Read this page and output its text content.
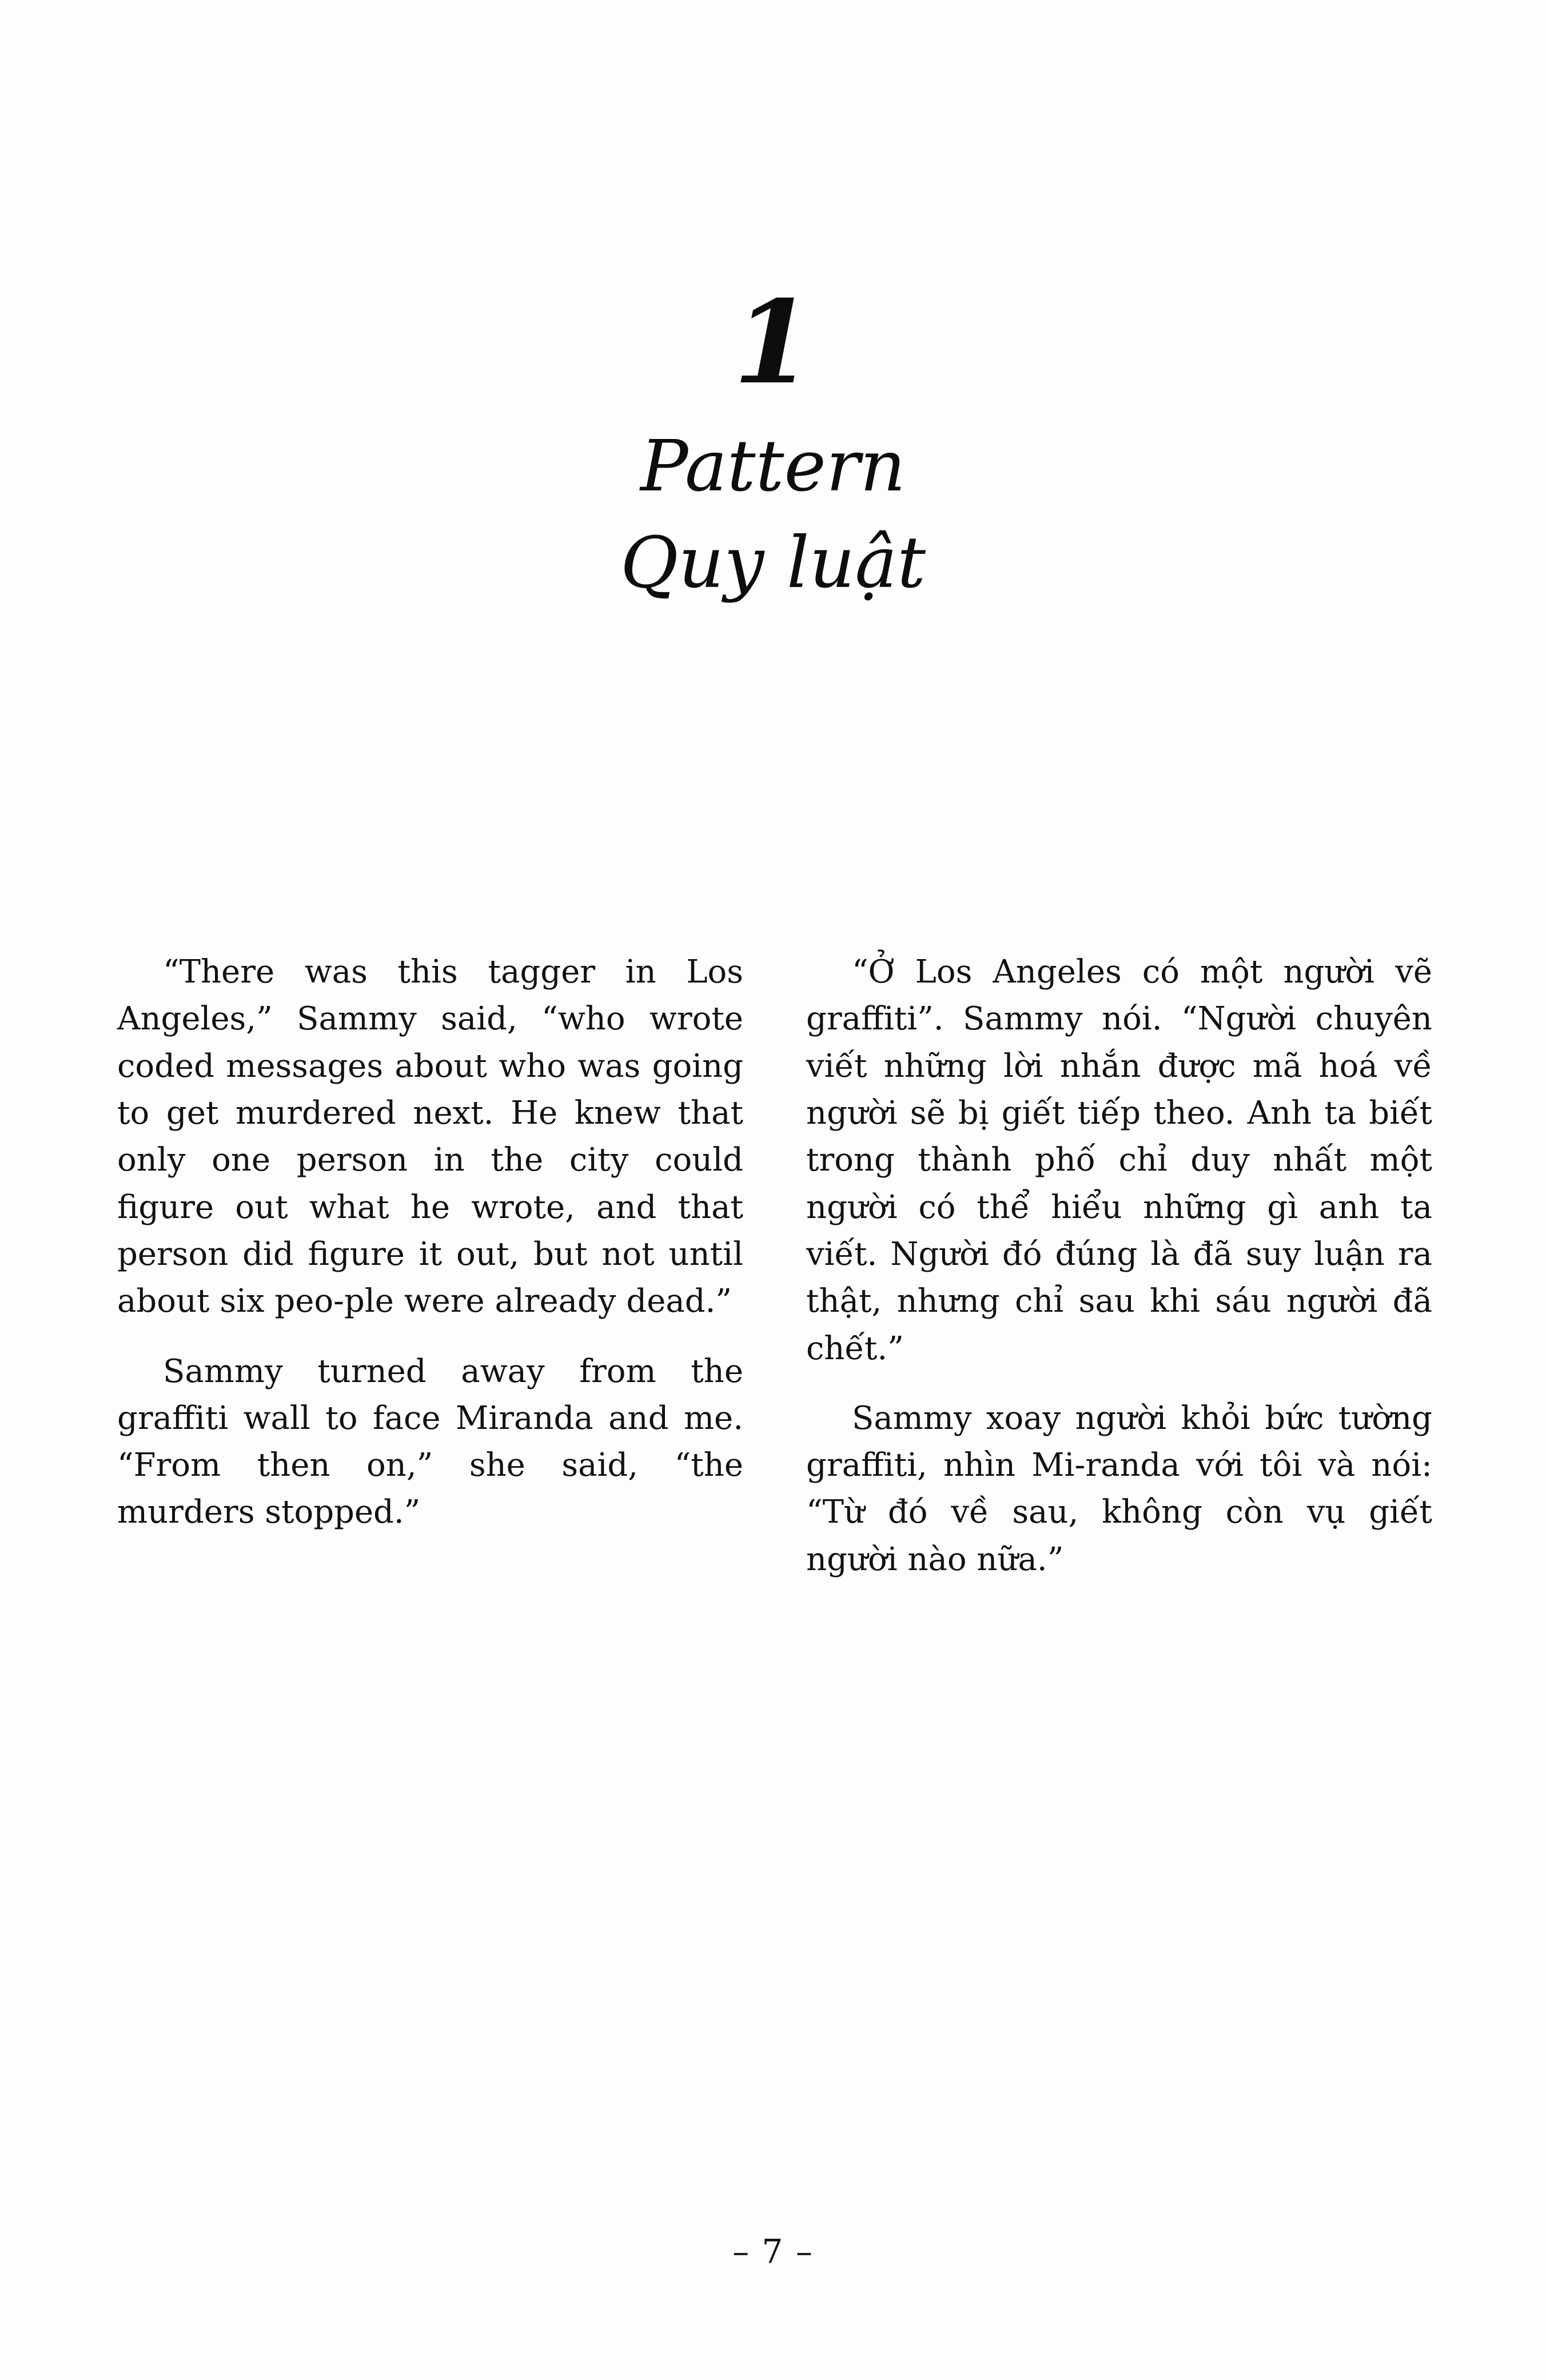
1
Pattern
Quy luật

“There was this tagger in Los Angeles,” Sammy said, “who wrote coded messages about who was going to get murdered next. He knew that only one person in the city could figure out what he wrote, and that person did figure it out, but not until about six peo-ple were already dead.”

Sammy turned away from the graffiti wall to face Miranda and me. “From then on,” she said, “the murders stopped.”

“Ở Los Angeles có một người vẽ graffiti”. Sammy nói. “Người chuyên viết những lời nhắn được mã hoá về người sẽ bị giết tiếp theo. Anh ta biết trong thành phố chỉ duy nhất một người có thể hiểu những gì anh ta viết. Người đó đúng là đã suy luận ra thật, nhưng chỉ sau khi sáu người đã chết.”

Sammy xoay người khỏi bức tường graffiti, nhìn Mi-randa với tôi và nói: “Từ đó về sau, không còn vụ giết người nào nữa.”

– 7 –
